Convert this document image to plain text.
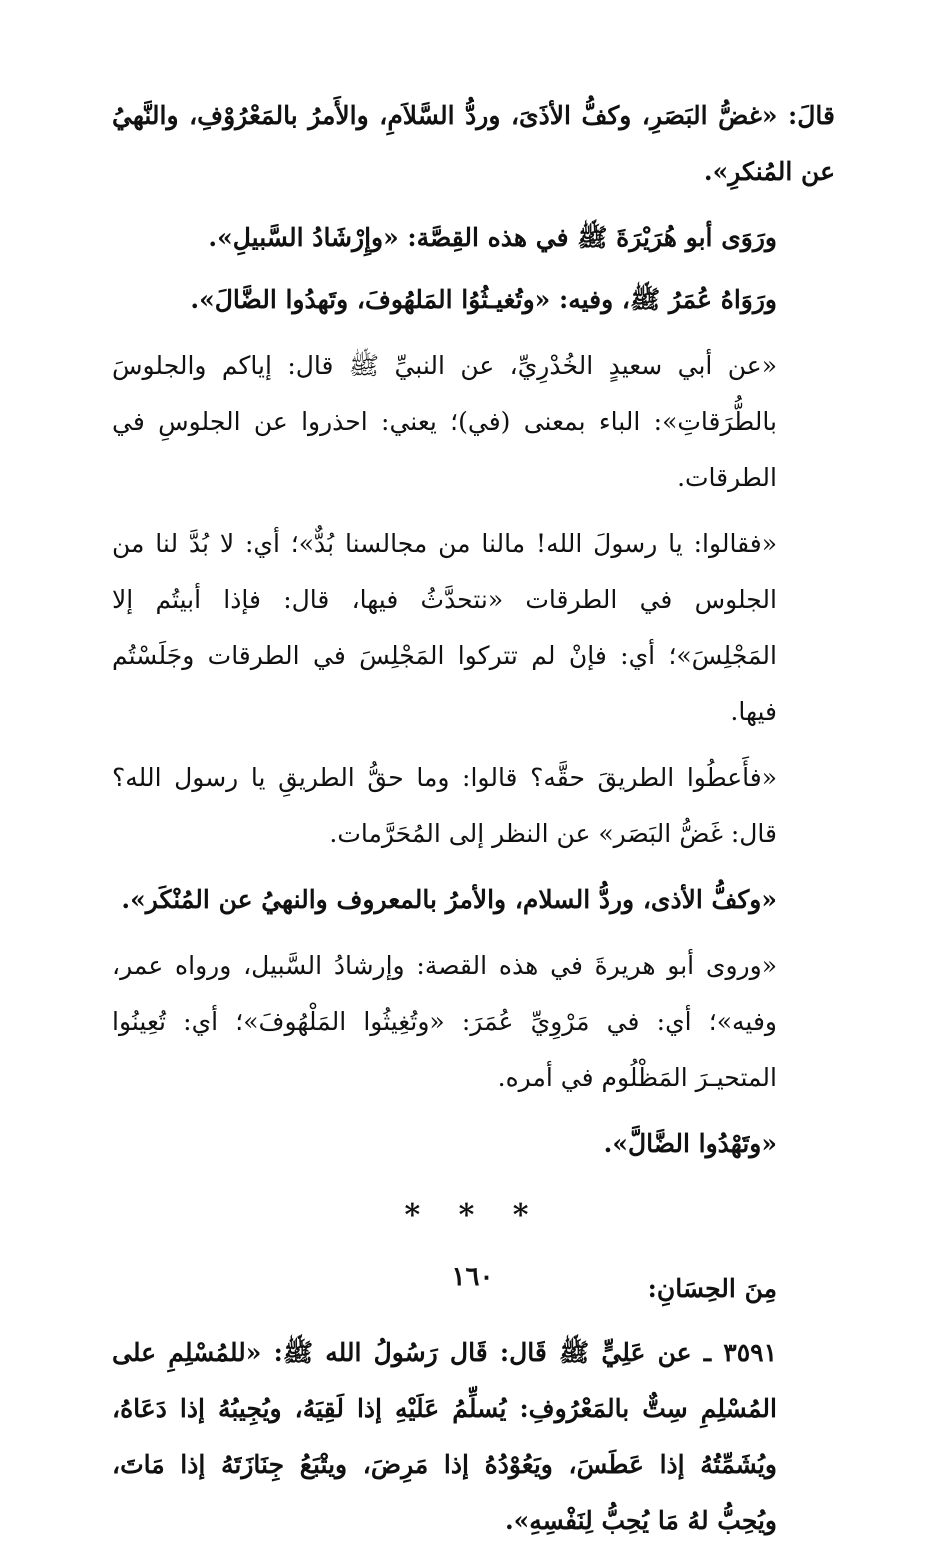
قالَ: «غضُّ البَصَرِ، وكفُّ الأذَىَ، وردُّ السَّلاَمِ، والأَمرُ بالمَعْرُوْفِ، والنَّهيُ عن المُنكرِ».

ورَوَى أبو هُرَيْرَةَ ﷺ في هذه القِصَّة: «وإِرْشَادُ السَّبيلِ».

ورَوَاهُ عُمَرُ ﷺ، وفيه: «وتُغيـثُوُا المَلهُوفَ، وتَهدُوا الضَّالَ».

«عن أبي سعيدٍ الخُدْرِيِّ، عن النبيِّ ﷺ قال: إياكم والجلوسَ بالطُّرَقاتِ»: الباء بمعنى (في)؛ يعني: احذروا عن الجلوسِ في الطرقات.

«فقالوا: يا رسولَ الله! مالنا من مجالسنا بُدٌّ»؛ أي: لا بُدَّ لنا من الجلوس في الطرقات «نتحدَّثُ فيها، قال: فإذا أبيتُم إلا المَجْلِسَ»؛ أي: فإنْ لم تتركوا المَجْلِسَ في الطرقات وجَلَسْتُم فيها.

«فأَعطُوا الطريقَ حقَّه؟ قالوا: وما حقُّ الطريقِ يا رسول الله؟ قال: غَضُّ البَصَر» عن النظر إلى المُحَرَّمات.

«وكفُّ الأذى، وردُّ السلام، والأمرُ بالمعروف والنهيُ عن المُنْكَر».

«وروى أبو هريرةَ في هذه القصة: وإرشادُ السَّبيل، ورواه عمر، وفيه»؛ أي: في مَرْوِيِّ عُمَرَ: «وتُغِيثُوا المَلْهُوفَ»؛ أي: تُعِينُوا المتحيـرَ المَظْلُوم في أمره.

«وتَهْدُوا الضَّالَّ».

* * *

مِنَ الحِسَانِ:

٣٥٩١ ـ عن عَلِيٍّ ﷺ قَال: قَال رَسُولُ الله ﷺ: «للمُسْلِمِ على المُسْلِمِ سِتٌّ بالمَعْرُوفِ: يُسلِّمُ عَلَيْهِ إذا لَقِيَهُ، ويُجِيبُهُ إذا دَعَاهُ، ويُشَمِّتُهُ إذا عَطَسَ، ويَعُوْدُهُ إذا مَرِضَ، ويتْبَعُ جِنَازَتَهُ إذا مَاتَ، ويُحِبُّ لهُ مَا يُحِبُّ لِنَفْسِهِ».

١٦٠
